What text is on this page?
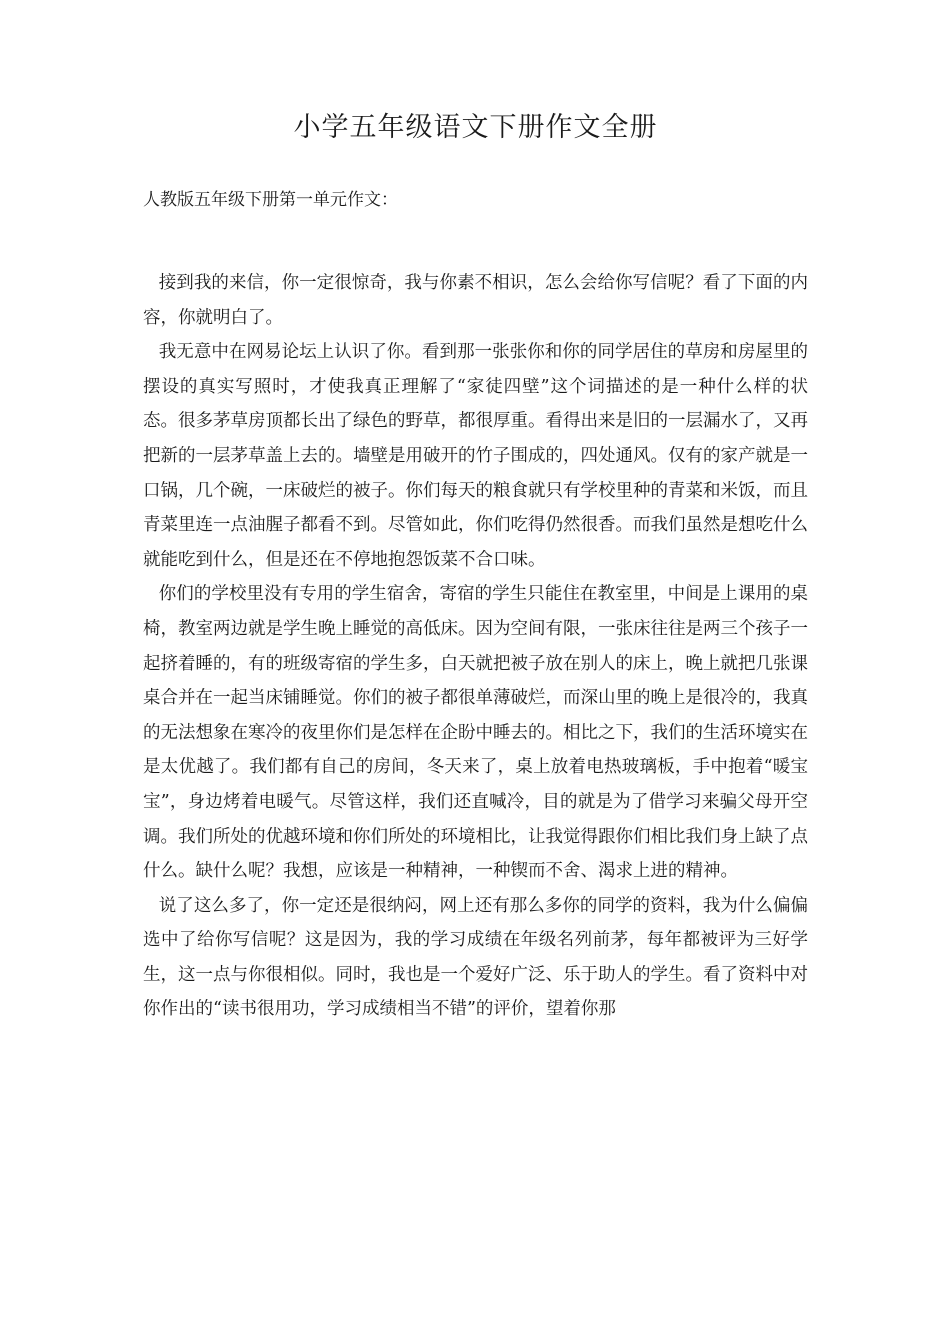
小学五年级语文下册作文全册

人教版五年级下册第一单元作文：

接到我的来信，你一定很惊奇，我与你素不相识，怎么会给你写信呢？看了下面的内容，你就明白了。

我无意中在网易论坛上认识了你。看到那一张张你和你的同学居住的草房和房屋里的摆设的真实写照时，才使我真正理解了“家徒四壁”这个词描述的是一种什么样的状态。很多茅草房顶都长出了绿色的野草，都很厚重。看得出来是旧的一层漏水了，又再把新的一层茅草盖上去的。墙壁是用破开的竹子围成的，四处通风。仅有的家产就是一口锅，几个碗，一床破烂的被子。你们每天的粮食就只有学校里种的青菜和米饭，而且青菜里连一点油腥子都看不到。尽管如此，你们吃得仍然很香。而我们虽然是想吃什么就能吃到什么，但是还在不停地抱怨饭菜不合口味。

你们的学校里没有专用的学生宿舍，寄宿的学生只能住在教室里，中间是上课用的桌椅，教室两边就是学生晚上睡觉的高低床。因为空间有限，一张床往往是两三个孩子一起挤着睡的，有的班级寄宿的学生多，白天就把被子放在别人的床上，晚上就把几张课桌合并在一起当床铺睡觉。你们的被子都很单薄破烂，而深山里的晚上是很冷的，我真的无法想象在寒冷的夜里你们是怎样在企盼中睡去的。相比之下，我们的生活环境实在是太优越了。我们都有自己的房间，冬天来了，桌上放着电热玻璃板，手中抱着“暖宝宝”，身边烤着电暖气。尽管这样，我们还直喊冷，目的就是为了借学习来骗父母开空调。我们所处的优越环境和你们所处的环境相比，让我觉得跟你们相比我们身上缺了点什么。缺什么呢？我想，应该是一种精神，一种锲而不舍、渴求上进的精神。

说了这么多了，你一定还是很纳闷，网上还有那么多你的同学的资料，我为什么偏偏选中了给你写信呢？这是因为，我的学习成绩在年级名列前茅，每年都被评为三好学生，这一点与你很相似。同时，我也是一个爱好广泛、乐于助人的学生。看了资料中对你作出的“读书很用功，学习成绩相当不错”的评价，望着你那
